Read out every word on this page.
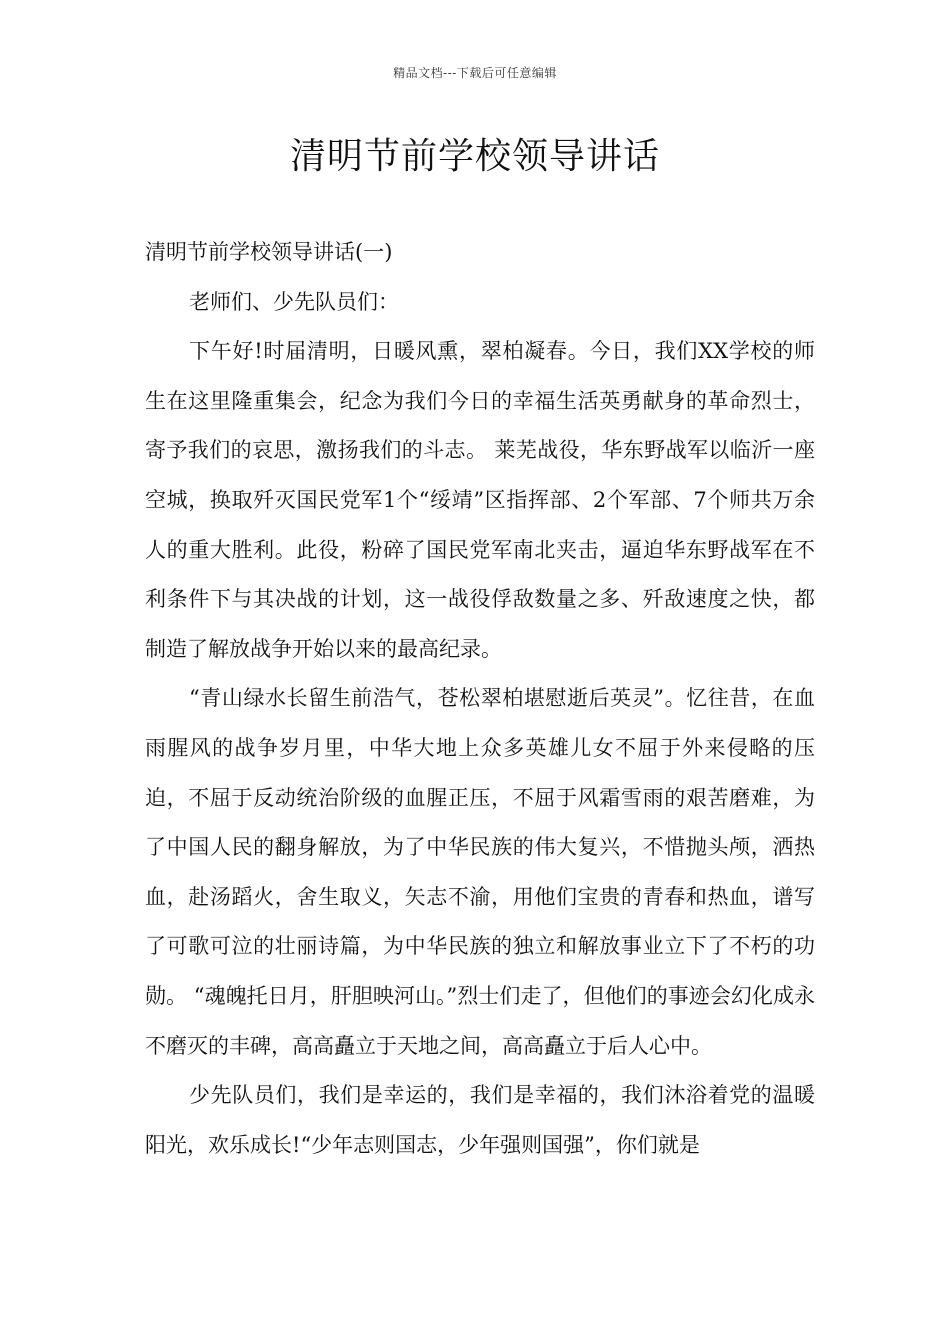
精品文档---下载后可任意编辑
清明节前学校领导讲话

清明节前学校领导讲话(一)

老师们、少先队员们：

下午好!时届清明，日暖风熏，翠柏凝春。今日，我们XX学校的师生在这里隆重集会，纪念为我们今日的幸福生活英勇献身的革命烈士，寄予我们的哀思，激扬我们的斗志。 莱芜战役，华东野战军以临沂一座空城，换取歼灭国民党军1个“绥靖”区指挥部、2个军部、7个师共万余人的重大胜利。此役，粉碎了国民党军南北夹击，逼迫华东野战军在不利条件下与其决战的计划，这一战役俘敌数量之多、歼敌速度之快，都制造了解放战争开始以来的最高纪录。

“青山绿水长留生前浩气，苍松翠柏堪慰逝后英灵”。忆往昔，在血雨腥风的战争岁月里，中华大地上众多英雄儿女不屈于外来侵略的压迫，不屈于反动统治阶级的血腥正压，不屈于风霜雪雨的艰苦磨难，为了中国人民的翻身解放，为了中华民族的伟大复兴，不惜抛头颅，洒热血，赴汤蹈火，舍生取义，矢志不渝，用他们宝贵的青春和热血，谱写了可歌可泣的壮丽诗篇，为中华民族的独立和解放事业立下了不朽的功勋。 “魂魄托日月，肝胆映河山。”烈士们走了，但他们的事迹会幻化成永不磨灭的丰碑，高高矗立于天地之间，高高矗立于后人心中。

少先队员们，我们是幸运的，我们是幸福的，我们沐浴着党的温暖阳光，欢乐成长!“少年志则国志，少年强则国强”，你们就是
